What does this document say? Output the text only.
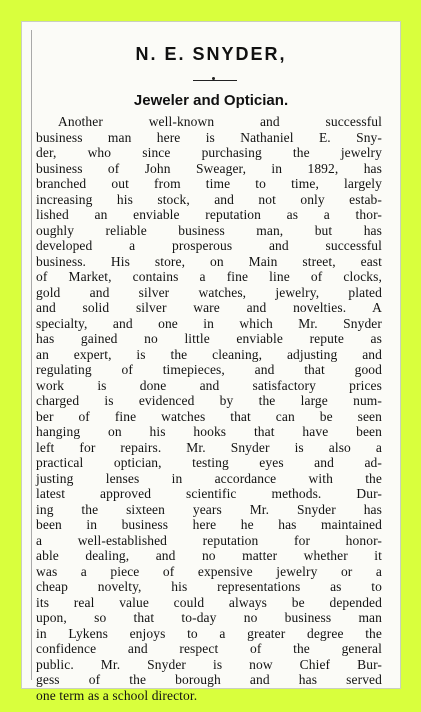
N. E. SNYDER,
Jeweler and Optician.
Another well-known and successful
business man here is Nathaniel E. Sny-
der, who since purchasing the jewelry
business of John Sweager, in 1892, has
branched out from time to time, largely
increasing his stock, and not only estab-
lished an enviable reputation as a thor-
oughly reliable business man, but has
developed a prosperous and successful
business. His store, on Main street, east
of Market, contains a fine line of clocks,
gold and silver watches, jewelry, plated
and solid silver ware and novelties. A
specialty, and one in which Mr. Snyder
has gained no little enviable repute as
an expert, is the cleaning, adjusting and
regulating of timepieces, and that good
work is done and satisfactory prices
charged is evidenced by the large num-
ber of fine watches that can be seen
hanging on his hooks that have been
left for repairs. Mr. Snyder is also a
practical optician, testing eyes and ad-
justing lenses in accordance with the
latest approved scientific methods. Dur-
ing the sixteen years Mr. Snyder has
been in business here he has maintained
a well-established reputation for honor-
able dealing, and no matter whether it
was a piece of expensive jewelry or a
cheap novelty, his representations as to
its real value could always be depended
upon, so that to-day no business man
in Lykens enjoys to a greater degree the
confidence and respect of the general
public. Mr. Snyder is now Chief Bur-
gess of the borough and has served
one term as a school director.
